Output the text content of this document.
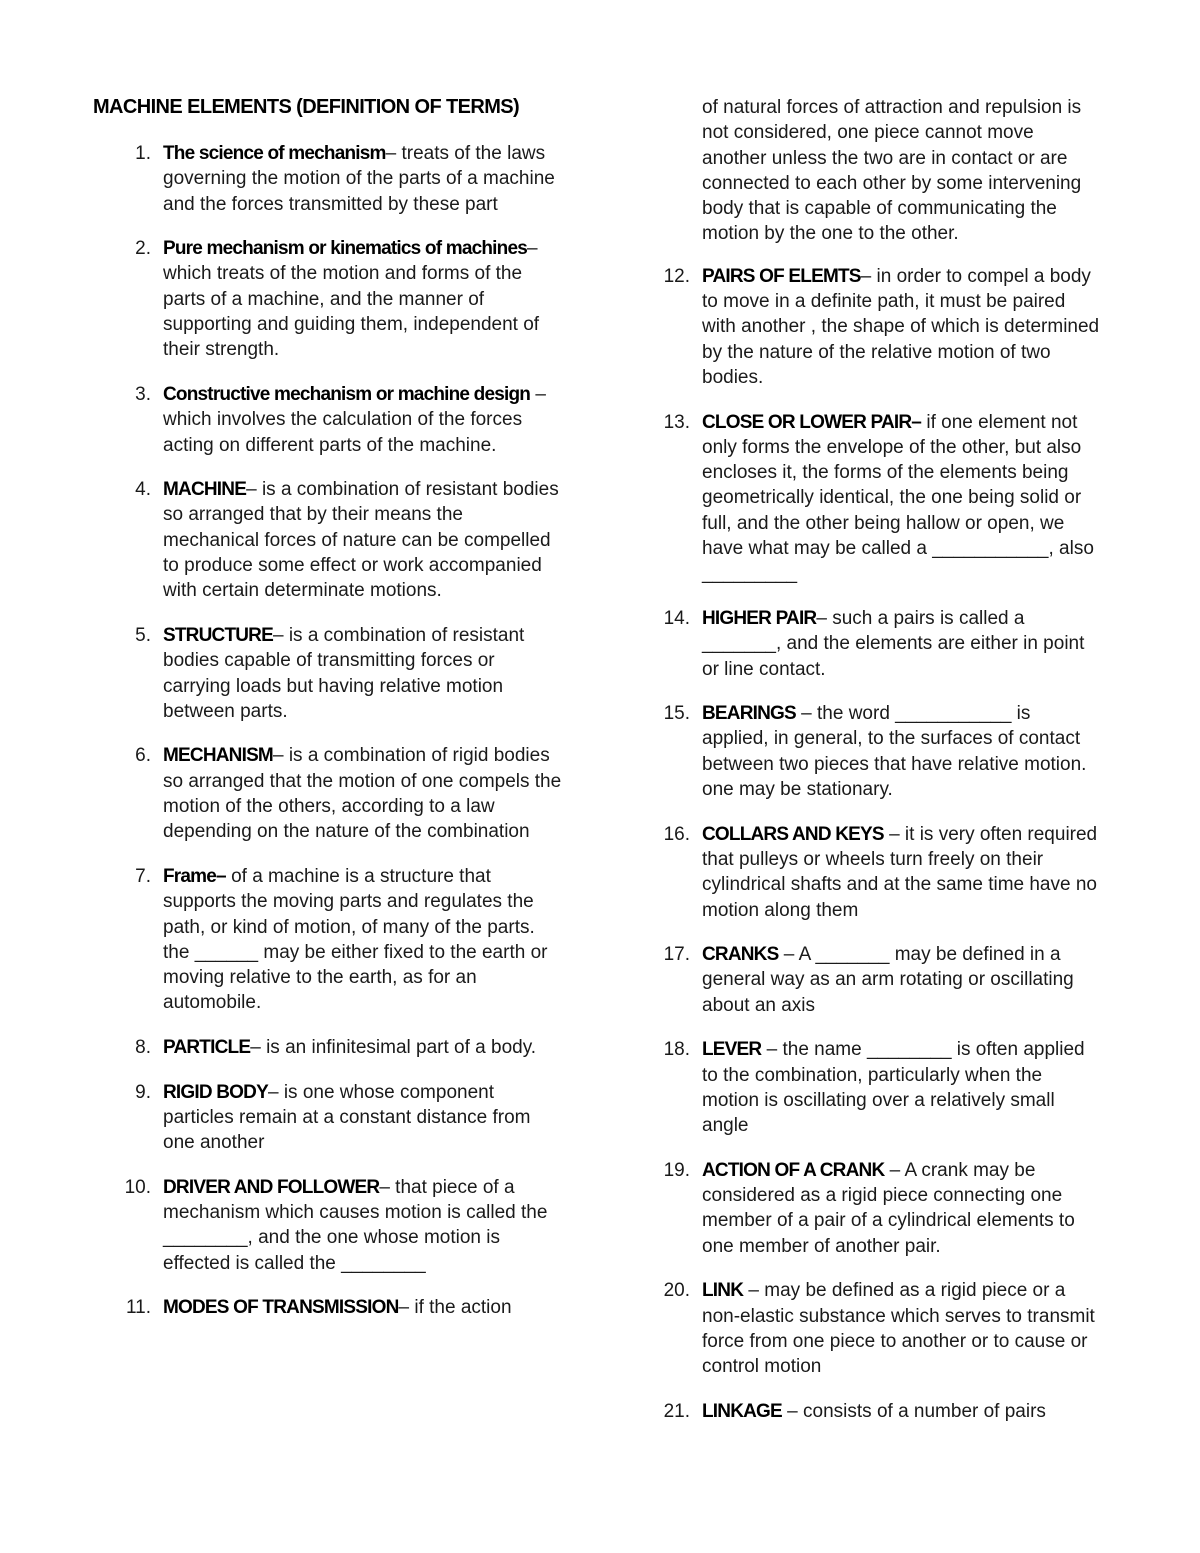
MACHINE ELEMENTS (DEFINITION OF TERMS)
1. The science of mechanism– treats of the laws governing the motion of the parts of a machine and the forces transmitted by these part
2. Pure mechanism or kinematics of machines– which treats of the motion and forms of the parts of a machine, and the manner of supporting and guiding them, independent of their strength.
3. Constructive mechanism or machine design – which involves the calculation of the forces acting on different parts of the machine.
4. MACHINE– is a combination of resistant bodies so arranged that by their means the mechanical forces of nature can be compelled to produce some effect or work accompanied with certain determinate motions.
5. STRUCTURE– is a combination of resistant bodies capable of transmitting forces or carrying loads but having relative motion between parts.
6. MECHANISM– is a combination of rigid bodies so arranged that the motion of one compels the motion of the others, according to a law depending on the nature of the combination
7. Frame– of a machine is a structure that supports the moving parts and regulates the path, or kind of motion, of many of the parts. the ______ may be either fixed to the earth or moving relative to the earth, as for an automobile.
8. PARTICLE– is an infinitesimal part of a body.
9. RIGID BODY– is one whose component particles remain at a constant distance from one another
10. DRIVER AND FOLLOWER– that piece of a mechanism which causes motion is called the ________, and the one whose motion is effected is called the ________
11. MODES OF TRANSMISSION– if the action
of natural forces of attraction and repulsion is not considered, one piece cannot move another unless the two are in contact or are connected to each other by some intervening body that is capable of communicating the motion by the one to the other.
12. PAIRS OF ELEMTS– in order to compel a body to move in a definite path, it must be paired with another , the shape of which is determined by the nature of the relative motion of two bodies.
13. CLOSE OR LOWER PAIR– if one element not only forms the envelope of the other, but also encloses it, the forms of the elements being geometrically identical, the one being solid or full, and the other being hallow or open, we have what may be called a ___________, also _________
14. HIGHER PAIR– such a pairs is called a _______, and the elements are either in point or line contact.
15. BEARINGS – the word ___________ is applied, in general, to the surfaces of contact between two pieces that have relative motion. one may be stationary.
16. COLLARS AND KEYS – it is very often required that pulleys or wheels turn freely on their cylindrical shafts and at the same time have no motion along them
17. CRANKS – A _______ may be defined in a general way as an arm rotating or oscillating about an axis
18. LEVER – the name ________ is often applied to the combination, particularly when the motion is oscillating over a relatively small angle
19. ACTION OF A CRANK – A crank may be considered as a rigid piece connecting one member of a pair of a cylindrical elements to one member of another pair.
20. LINK – may be defined as a rigid piece or a non-elastic substance which serves to transmit force from one piece to another or to cause or control motion
21. LINKAGE – consists of a number of pairs
